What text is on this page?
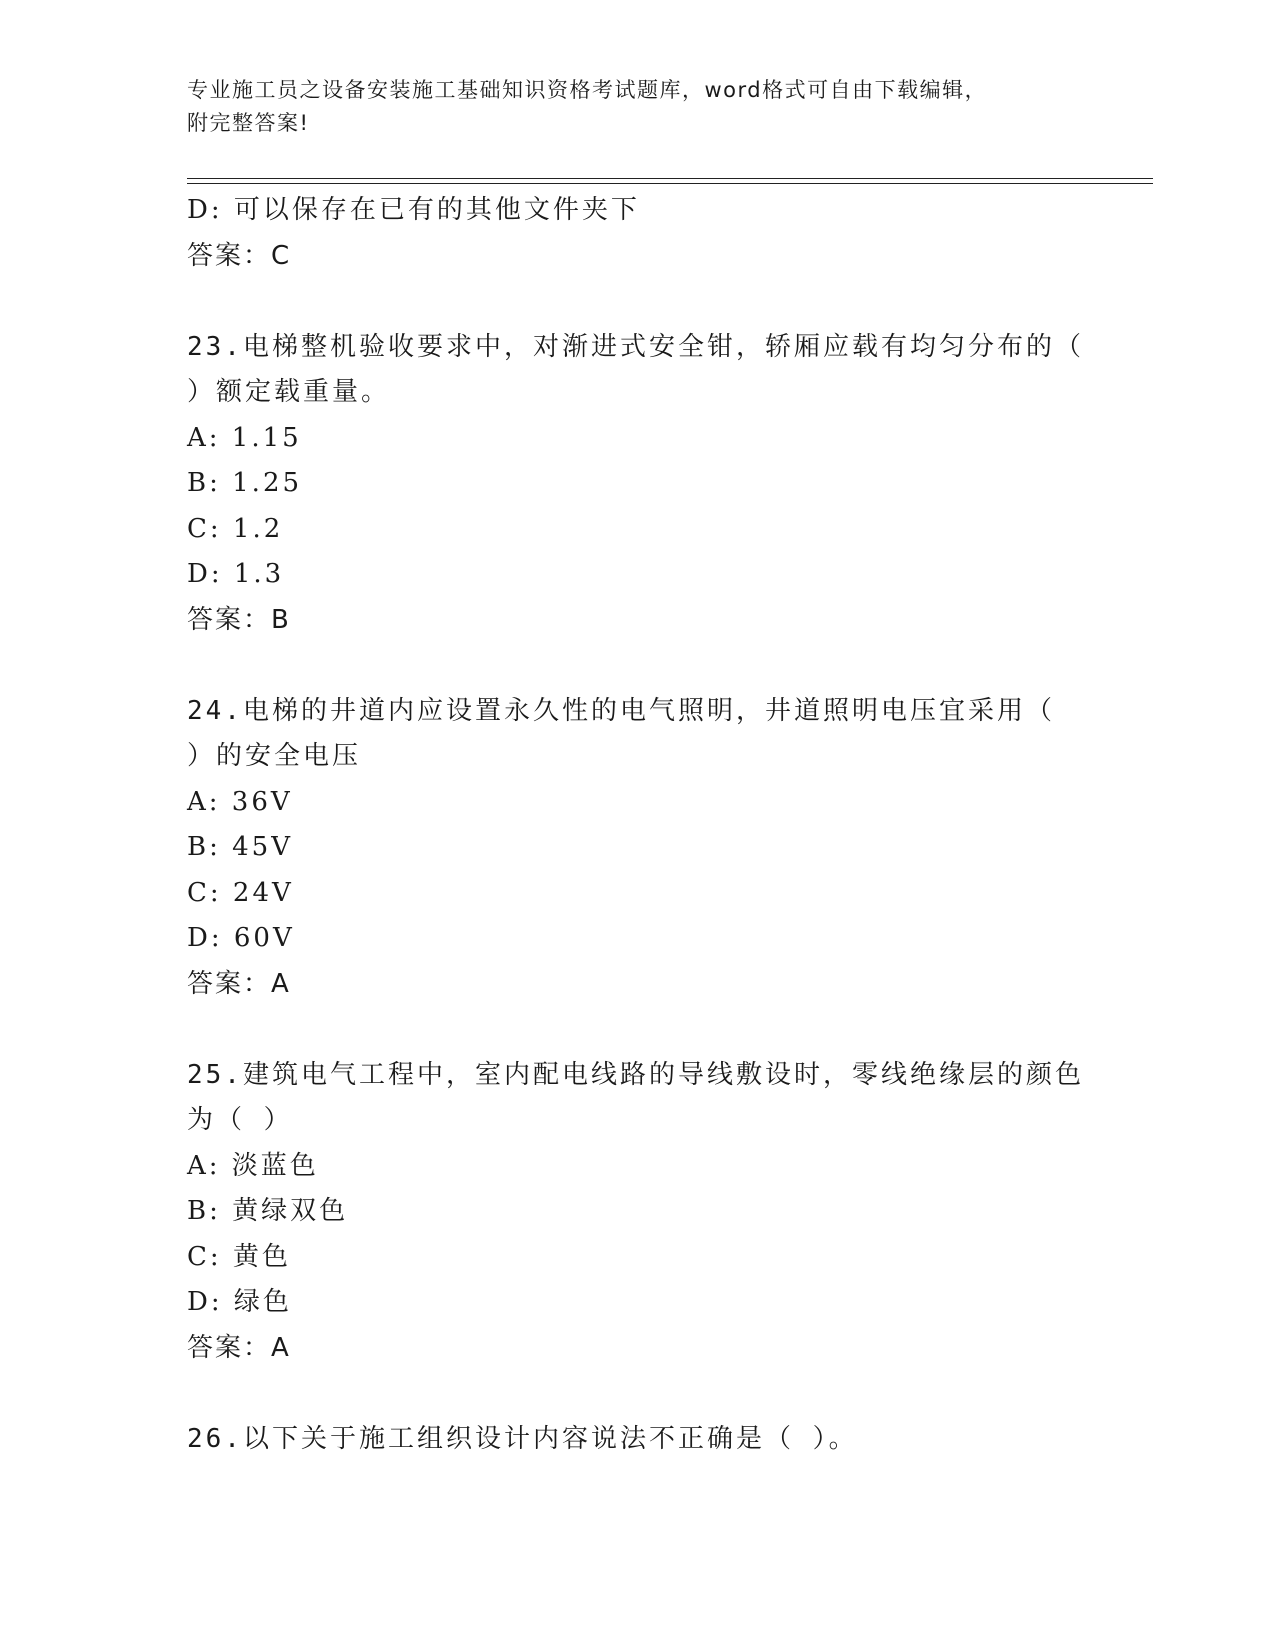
专业施工员之设备安装施工基础知识资格考试题库，word格式可自由下载编辑，
附完整答案!
D: 可以保存在已有的其他文件夹下
答案：C
23.电梯整机验收要求中，对渐进式安全钳，轿厢应载有均匀分布的（
）额定载重量。
A: 1.15
B: 1.25
C: 1.2
D: 1.3
答案：B
24.电梯的井道内应设置永久性的电气照明，井道照明电压宜采用（
）的安全电压
A: 36V
B: 45V
C: 24V
D: 60V
答案：A
25.建筑电气工程中，室内配电线路的导线敷设时，零线绝缘层的颜色
为（ ）
A: 淡蓝色
B: 黄绿双色
C: 黄色
D: 绿色
答案：A
26.以下关于施工组织设计内容说法不正确是（ ）。
